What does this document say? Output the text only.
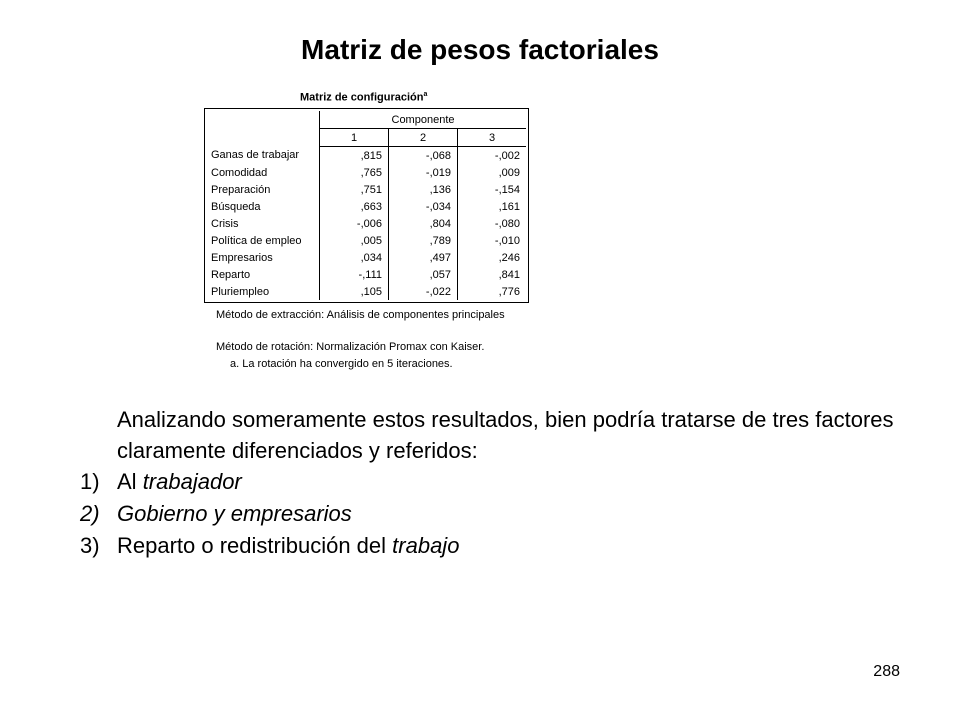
Matriz de pesos factoriales
Matriz de configuración$^a$
	Componente		
	1	2	3
Ganas de trabajar	,815	-,068	-,002
Comodidad	,765	-,019	,009
Preparación	,751	,136	-,154
Búsqueda	,663	-,034	,161
Crisis	-,006	,804	-,080
Política de empleo	,005	,789	-,010
Empresarios	,034	,497	,246
Reparto	-,111	,057	,841
Pluriempleo	,105	-,022	,776
Método de extracción: Análisis de componentes principales
Método de rotación: Normalización Promax con Kaiser.
a. La rotación ha convergido en 5 iteraciones.
Analizando someramente estos resultados, bien podría tratarse de tres factores claramente diferenciados y referidos:
1) Al trabajador
2) Gobierno y empresarios
3) Reparto o redistribución del trabajo
288
